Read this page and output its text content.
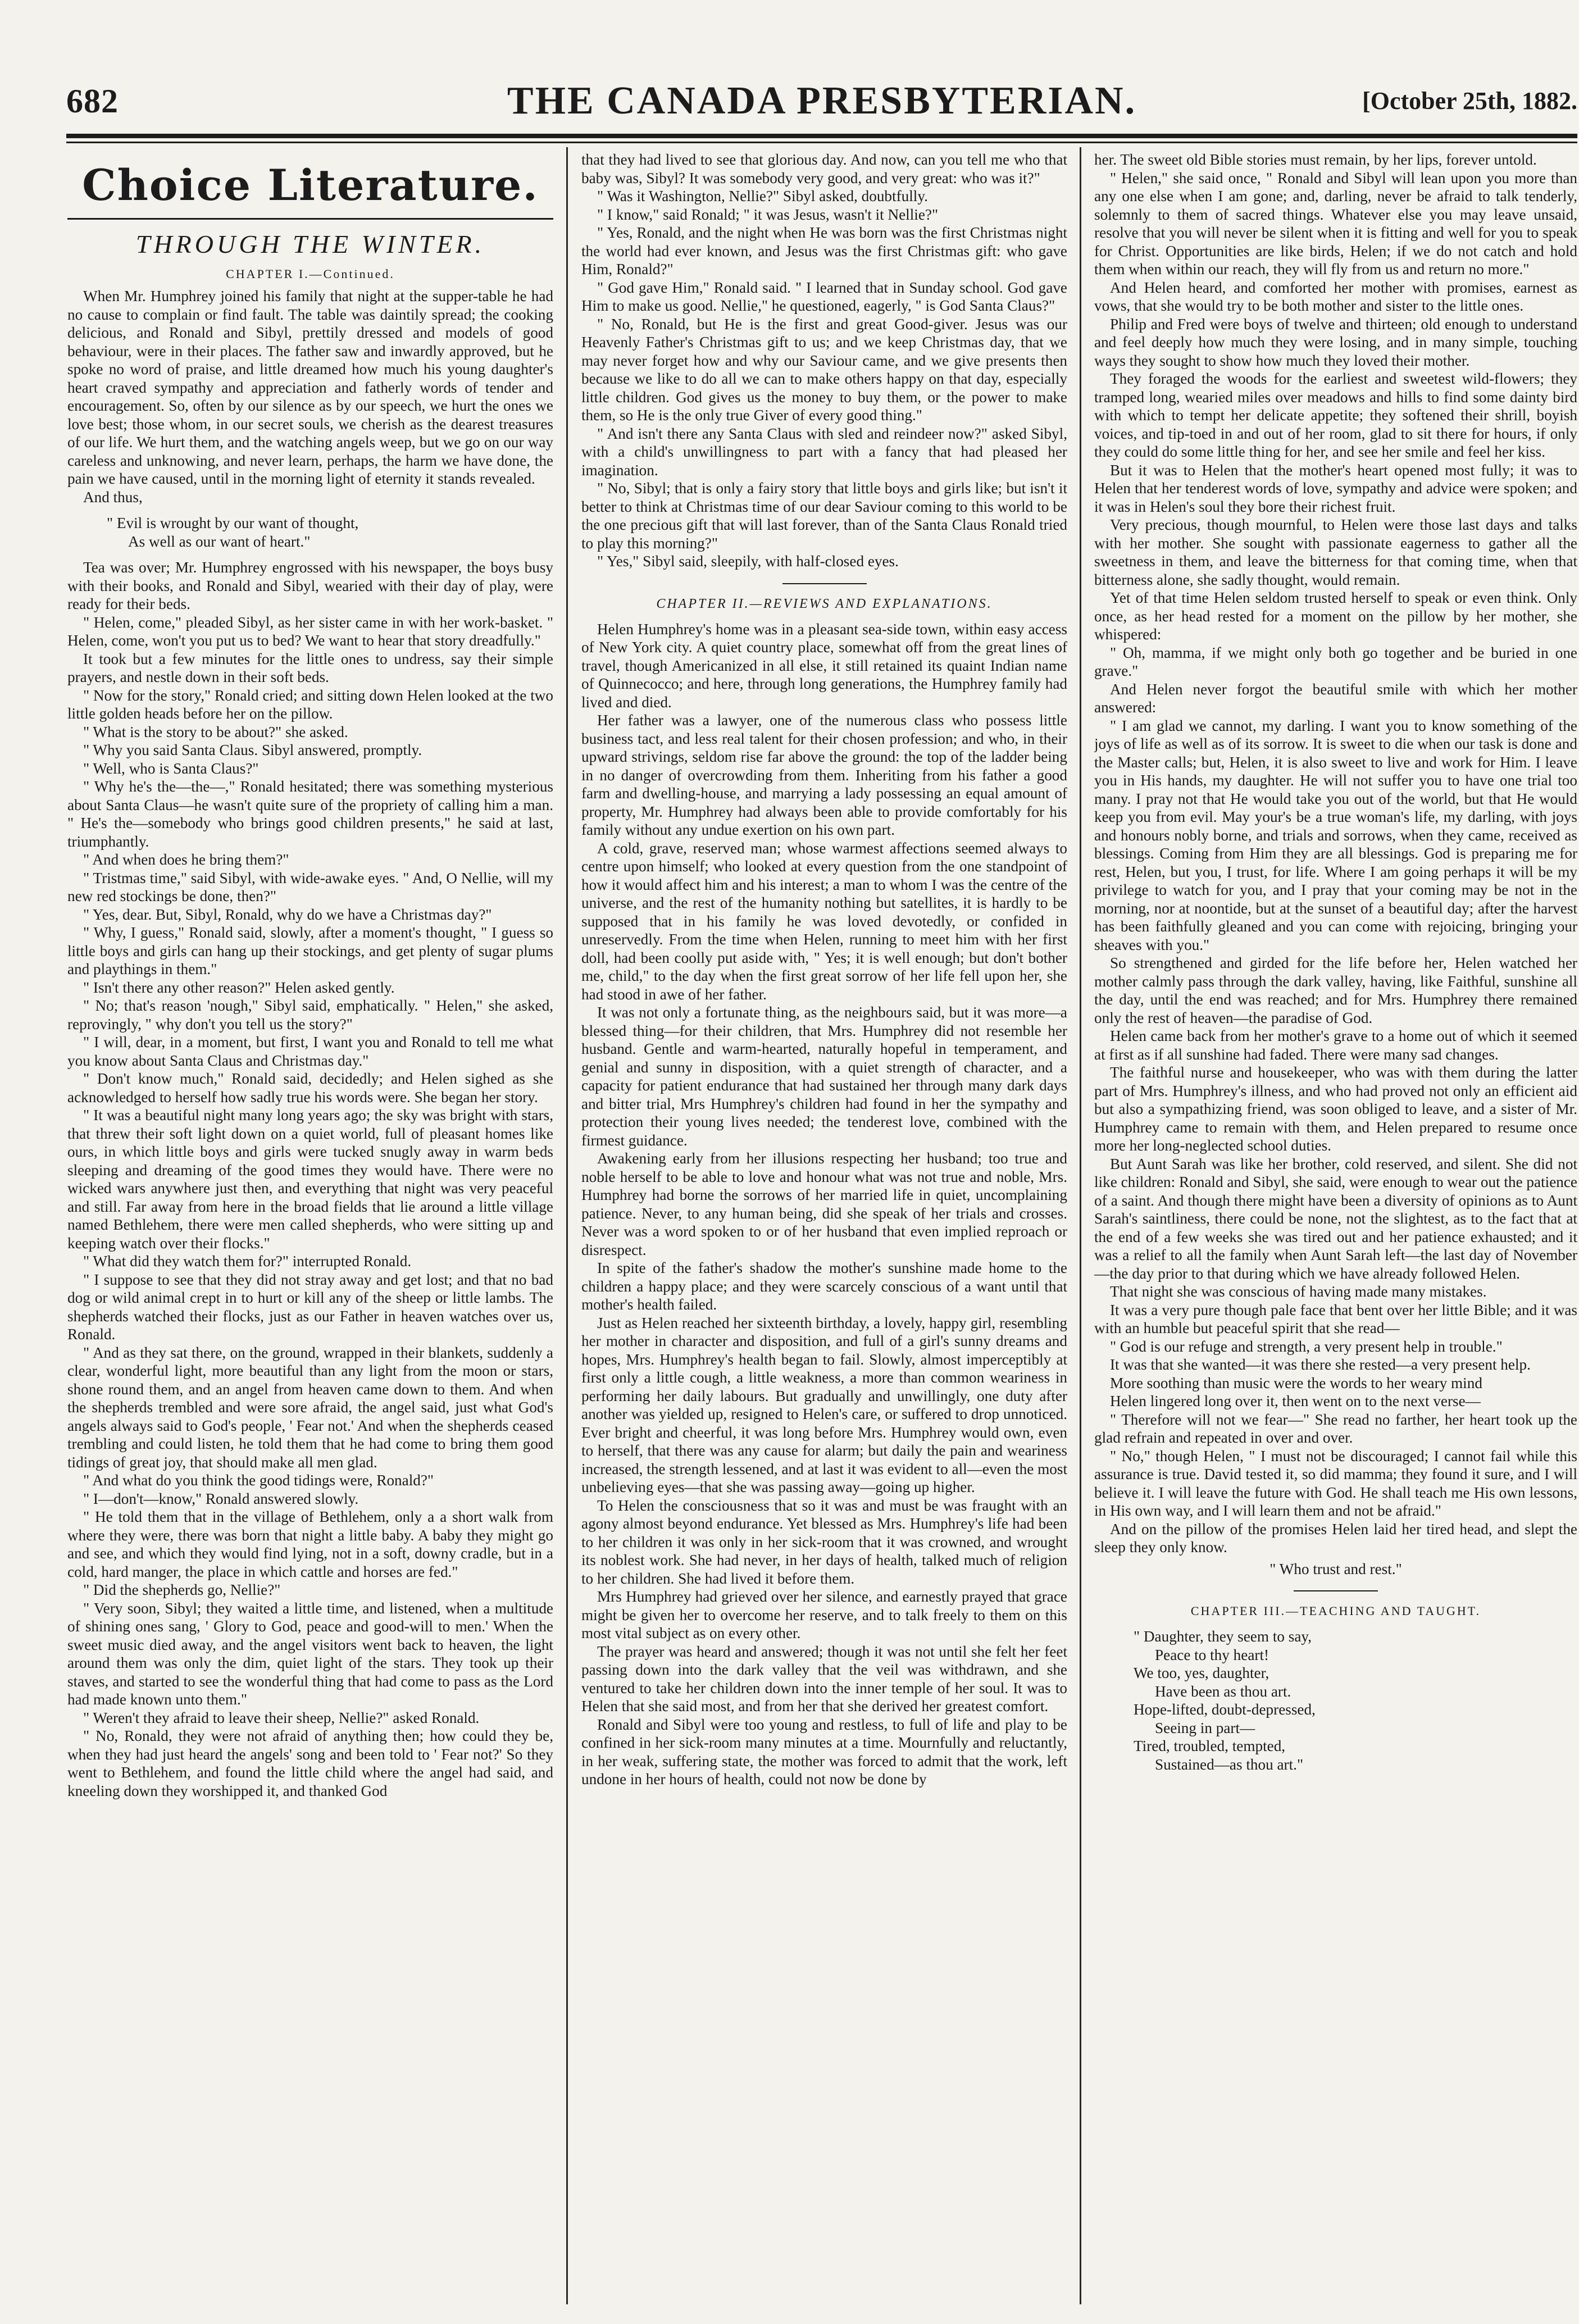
682	THE CANADA PRESBYTERIAN.	[October 25th, 1882.
Choice Literature.
THROUGH THE WINTER.
CHAPTER I.—Continued.

When Mr. Humphrey joined his family that night at the supper-table he had no cause to complain or find fault. The table was daintily spread; the cooking delicious, and Ronald and Sibyl, prettily dressed and models of good behaviour, were in their places. The father saw and inwardly approved, but he spoke no word of praise, and little dreamed how much his young daughter's heart craved sympathy and appreciation and fatherly words of tender and encouragement. So, often by our silence as by our speech, we hurt the ones we love best; those whom, in our secret souls, we cherish as the dearest treasures of our life. We hurt them, and the watching angels weep, but we go on our way careless and unknowing, and never learn, perhaps, the harm we have done, the pain we have caused, until in the morning light of eternity it stands revealed.

And thus,

" Evil is wrought by our want of thought,
As well as our want of heart."

Tea was over; Mr. Humphrey engrossed with his newspaper, the boys busy with their books, and Ronald and Sibyl, wearied with their day of play, were ready for their beds.

" Helen, come," pleaded Sibyl, as her sister came in with her work-basket. " Helen, come, won't you put us to bed? We want to hear that story dreadfully."

It took but a few minutes for the little ones to undress, say their simple prayers, and nestle down in their soft beds.

" Now for the story," Ronald cried; and sitting down Helen looked at the two little golden heads before her on the pillow.

" What is the story to be about?" she asked.

" Why you said Santa Claus. Sibyl answered, promptly.

" Well, who is Santa Claus?"

" Why he's the—the—," Ronald hesitated; there was something mysterious about Santa Claus—he wasn't quite sure of the propriety of calling him a man. " He's the—somebody who brings good children presents," he said at last, triumphantly.

" And when does he bring them?"

" Tristmas time," said Sibyl, with wide-awake eyes. " And, O Nellie, will my new red stockings be done, then?"

" Yes, dear. But, Sibyl, Ronald, why do we have a Christmas day?"

" Why, I guess," Ronald said, slowly, after a moment's thought, " I guess so little boys and girls can hang up their stockings, and get plenty of sugar plums and playthings in them."

" Isn't there any other reason?" Helen asked gently.

" No; that's reason 'nough," Sibyl said, emphatically. " Helen," she asked, reprovingly, " why don't you tell us the story?"

" I will, dear, in a moment, but first, I want you and Ronald to tell me what you know about Santa Claus and Christmas day."

" Don't know much," Ronald said, decidedly; and Helen sighed as she acknowledged to herself how sadly true his words were. She began her story.

" It was a beautiful night many long years ago; the sky was bright with stars, that threw their soft light down on a quiet world, full of pleasant homes like ours, in which little boys and girls were tucked snugly away in warm beds sleeping and dreaming of the good times they would have. There were no wicked wars anywhere just then, and everything that night was very peaceful and still. Far away from here in the broad fields that lie around a little village named Bethlehem, there were men called shepherds, who were sitting up and keeping watch over their flocks."

" What did they watch them for?" interrupted Ronald.

" I suppose to see that they did not stray away and get lost; and that no bad dog or wild animal crept in to hurt or kill any of the sheep or little lambs. The shepherds watched their flocks, just as our Father in heaven watches over us, Ronald.

" And as they sat there, on the ground, wrapped in their blankets, suddenly a clear, wonderful light, more beautiful than any light from the moon or stars, shone round them, and an angel from heaven came down to them. And when the shepherds trembled and were sore afraid, the angel said, just what God's angels always said to God's people, ' Fear not.' And when the shepherds ceased trembling and could listen, he told them that he had come to bring them good tidings of great joy, that should make all men glad.

" And what do you think the good tidings were, Ronald?"

" I—don't—know," Ronald answered slowly.

" He told them that in the village of Bethlehem, only a a short walk from where they were, there was born that night a little baby. A baby they might go and see, and which they would find lying, not in a soft, downy cradle, but in a cold, hard manger, the place in which cattle and horses are fed."

" Did the shepherds go, Nellie?"

" Very soon, Sibyl; they waited a little time, and listened, when a multitude of shining ones sang, ' Glory to God, peace and good-will to men.' When the sweet music died away, and the angel visitors went back to heaven, the light around them was only the dim, quiet light of the stars. They took up their staves, and started to see the wonderful thing that had come to pass as the Lord had made known unto them."

" Weren't they afraid to leave their sheep, Nellie?" asked Ronald.

" No, Ronald, they were not afraid of anything then; how could they be, when they had just heard the angels' song and been told to ' Fear not?' So they went to Bethlehem, and found the little child where the angel had said, and kneeling down they worshipped it, and thanked God

that they had lived to see that glorious day. And now, can you tell me who that baby was, Sibyl? It was somebody very good, and very great: who was it?"

" Was it Washington, Nellie?" Sibyl asked, doubtfully.

" I know," said Ronald; " it was Jesus, wasn't it Nellie?"

" Yes, Ronald, and the night when He was born was the first Christmas night the world had ever known, and Jesus was the first Christmas gift: who gave Him, Ronald?"

" God gave Him," Ronald said. " I learned that in Sunday school. God gave Him to make us good. Nellie," he questioned, eagerly, " is God Santa Claus?"

" No, Ronald, but He is the first and great Good-giver. Jesus was our Heavenly Father's Christmas gift to us; and we keep Christmas day, that we may never forget how and why our Saviour came, and we give presents then because we like to do all we can to make others happy on that day, especially little children. God gives us the money to buy them, or the power to make them, so He is the only true Giver of every good thing."

" And isn't there any Santa Claus with sled and reindeer now?" asked Sibyl, with a child's unwillingness to part with a fancy that had pleased her imagination.

" No, Sibyl; that is only a fairy story that little boys and girls like; but isn't it better to think at Christmas time of our dear Saviour coming to this world to be the one precious gift that will last forever, than of the Santa Claus Ronald tried to play this morning?"

" Yes," Sibyl said, sleepily, with half-closed eyes.

CHAPTER II.—REVIEWS AND EXPLANATIONS.

Helen Humphrey's home was in a pleasant sea-side town, within easy access of New York city. A quiet country place, somewhat off from the great lines of travel, though Americanized in all else, it still retained its quaint Indian name of Quinnecocco; and here, through long generations, the Humphrey family had lived and died.

Her father was a lawyer, one of the numerous class who possess little business tact, and less real talent for their chosen profession; and who, in their upward strivings, seldom rise far above the ground: the top of the ladder being in no danger of overcrowding from them. Inheriting from his father a good farm and dwelling-house, and marrying a lady possessing an equal amount of property, Mr. Humphrey had always been able to provide comfortably for his family without any undue exertion on his own part.

A cold, grave, reserved man; whose warmest affections seemed always to centre upon himself; who looked at every question from the one standpoint of how it would affect him and his interest; a man to whom I was the centre of the universe, and the rest of the humanity nothing but satellites, it is hardly to be supposed that in his family he was loved devotedly, or confided in unreservedly. From the time when Helen, running to meet him with her first doll, had been coolly put aside with, " Yes; it is well enough; but don't bother me, child," to the day when the first great sorrow of her life fell upon her, she had stood in awe of her father.

It was not only a fortunate thing, as the neighbours said, but it was more—a blessed thing—for their children, that Mrs. Humphrey did not resemble her husband. Gentle and warm-hearted, naturally hopeful in temperament, and genial and sunny in disposition, with a quiet strength of character, and a capacity for patient endurance that had sustained her through many dark days and bitter trial, Mrs Humphrey's children had found in her the sympathy and protection their young lives needed; the tenderest love, combined with the firmest guidance.

Awakening early from her illusions respecting her husband; too true and noble herself to be able to love and honour what was not true and noble, Mrs. Humphrey had borne the sorrows of her married life in quiet, uncomplaining patience. Never, to any human being, did she speak of her trials and crosses. Never was a word spoken to or of her husband that even implied reproach or disrespect.

In spite of the father's shadow the mother's sunshine made home to the children a happy place; and they were scarcely conscious of a want until that mother's health failed.

Just as Helen reached her sixteenth birthday, a lovely, happy girl, resembling her mother in character and disposition, and full of a girl's sunny dreams and hopes, Mrs. Humphrey's health began to fail. Slowly, almost imperceptibly at first only a little cough, a little weakness, a more than common weariness in performing her daily labours. But gradually and unwillingly, one duty after another was yielded up, resigned to Helen's care, or suffered to drop unnoticed. Ever bright and cheerful, it was long before Mrs. Humphrey would own, even to herself, that there was any cause for alarm; but daily the pain and weariness increased, the strength lessened, and at last it was evident to all—even the most unbelieving eyes—that she was passing away—going up higher.

To Helen the consciousness that so it was and must be was fraught with an agony almost beyond endurance. Yet blessed as Mrs. Humphrey's life had been to her children it was only in her sick-room that it was crowned, and wrought its noblest work. She had never, in her days of health, talked much of religion to her children. She had lived it before them.

Mrs Humphrey had grieved over her silence, and earnestly prayed that grace might be given her to overcome her reserve, and to talk freely to them on this most vital subject as on every other.

The prayer was heard and answered; though it was not until she felt her feet passing down into the dark valley that the veil was withdrawn, and she ventured to take her children down into the inner temple of her soul. It was to Helen that she said most, and from her that she derived her greatest comfort.

Ronald and Sibyl were too young and restless, to full of life and play to be confined in her sick-room many minutes at a time. Mournfully and reluctantly, in her weak, suffering state, the mother was forced to admit that the work, left undone in her hours of health, could not now be done by

her. The sweet old Bible stories must remain, by her lips, forever untold.

" Helen," she said once, " Ronald and Sibyl will lean upon you more than any one else when I am gone; and, darling, never be afraid to talk tenderly, solemnly to them of sacred things. Whatever else you may leave unsaid, resolve that you will never be silent when it is fitting and well for you to speak for Christ. Opportunities are like birds, Helen; if we do not catch and hold them when within our reach, they will fly from us and return no more."

And Helen heard, and comforted her mother with promises, earnest as vows, that she would try to be both mother and sister to the little ones.

Philip and Fred were boys of twelve and thirteen; old enough to understand and feel deeply how much they were losing, and in many simple, touching ways they sought to show how much they loved their mother.

They foraged the woods for the earliest and sweetest wild-flowers; they tramped long, wearied miles over meadows and hills to find some dainty bird with which to tempt her delicate appetite; they softened their shrill, boyish voices, and tip-toed in and out of her room, glad to sit there for hours, if only they could do some little thing for her, and see her smile and feel her kiss.

But it was to Helen that the mother's heart opened most fully; it was to Helen that her tenderest words of love, sympathy and advice were spoken; and it was in Helen's soul they bore their richest fruit.

Very precious, though mournful, to Helen were those last days and talks with her mother. She sought with passionate eagerness to gather all the sweetness in them, and leave the bitterness for that coming time, when that bitterness alone, she sadly thought, would remain.

Yet of that time Helen seldom trusted herself to speak or even think. Only once, as her head rested for a moment on the pillow by her mother, she whispered:

" Oh, mamma, if we might only both go together and be buried in one grave."

And Helen never forgot the beautiful smile with which her mother answered:

" I am glad we cannot, my darling. I want you to know something of the joys of life as well as of its sorrow. It is sweet to die when our task is done and the Master calls; but, Helen, it is also sweet to live and work for Him. I leave you in His hands, my daughter. He will not suffer you to have one trial too many. I pray not that He would take you out of the world, but that He would keep you from evil. May your's be a true woman's life, my darling, with joys and honours nobly borne, and trials and sorrows, when they came, received as blessings. Coming from Him they are all blessings. God is preparing me for rest, Helen, but you, I trust, for life. Where I am going perhaps it will be my privilege to watch for you, and I pray that your coming may be not in the morning, nor at noontide, but at the sunset of a beautiful day; after the harvest has been faithfully gleaned and you can come with rejoicing, bringing your sheaves with you."

So strengthened and girded for the life before her, Helen watched her mother calmly pass through the dark valley, having, like Faithful, sunshine all the day, until the end was reached; and for Mrs. Humphrey there remained only the rest of heaven—the paradise of God.

Helen came back from her mother's grave to a home out of which it seemed at first as if all sunshine had faded. There were many sad changes.

The faithful nurse and housekeeper, who was with them during the latter part of Mrs. Humphrey's illness, and who had proved not only an efficient aid but also a sympathizing friend, was soon obliged to leave, and a sister of Mr. Humphrey came to remain with them, and Helen prepared to resume once more her long-neglected school duties.

But Aunt Sarah was like her brother, cold reserved, and silent. She did not like children: Ronald and Sibyl, she said, were enough to wear out the patience of a saint. And though there might have been a diversity of opinions as to Aunt Sarah's saintliness, there could be none, not the slightest, as to the fact that at the end of a few weeks she was tired out and her patience exhausted; and it was a relief to all the family when Aunt Sarah left—the last day of November—the day prior to that during which we have already followed Helen.

That night she was conscious of having made many mistakes.

It was a very pure though pale face that bent over her little Bible; and it was with an humble but peaceful spirit that she read—

" God is our refuge and strength, a very present help in trouble."

It was that she wanted—it was there she rested—a very present help.

More soothing than music were the words to her weary mind

Helen lingered long over it, then went on to the next verse—

" Therefore will not we fear—" She read no farther, her heart took up the glad refrain and repeated in over and over.

" No," though Helen, " I must not be discouraged; I cannot fail while this assurance is true. David tested it, so did mamma; they found it sure, and I will believe it. I will leave the future with God. He shall teach me His own lessons, in His own way, and I will learn them and not be afraid."

And on the pillow of the promises Helen laid her tired head, and slept the sleep they only know.

" Who trust and rest."

CHAPTER III.—TEACHING AND TAUGHT.
" Daughter, they seem to say,
Peace to thy heart!
We too, yes, daughter,
Have been as thou art.
Hope-lifted, doubt-depressed,
Seeing in part—
Tired, troubled, tempted,
Sustained—as thou art."
